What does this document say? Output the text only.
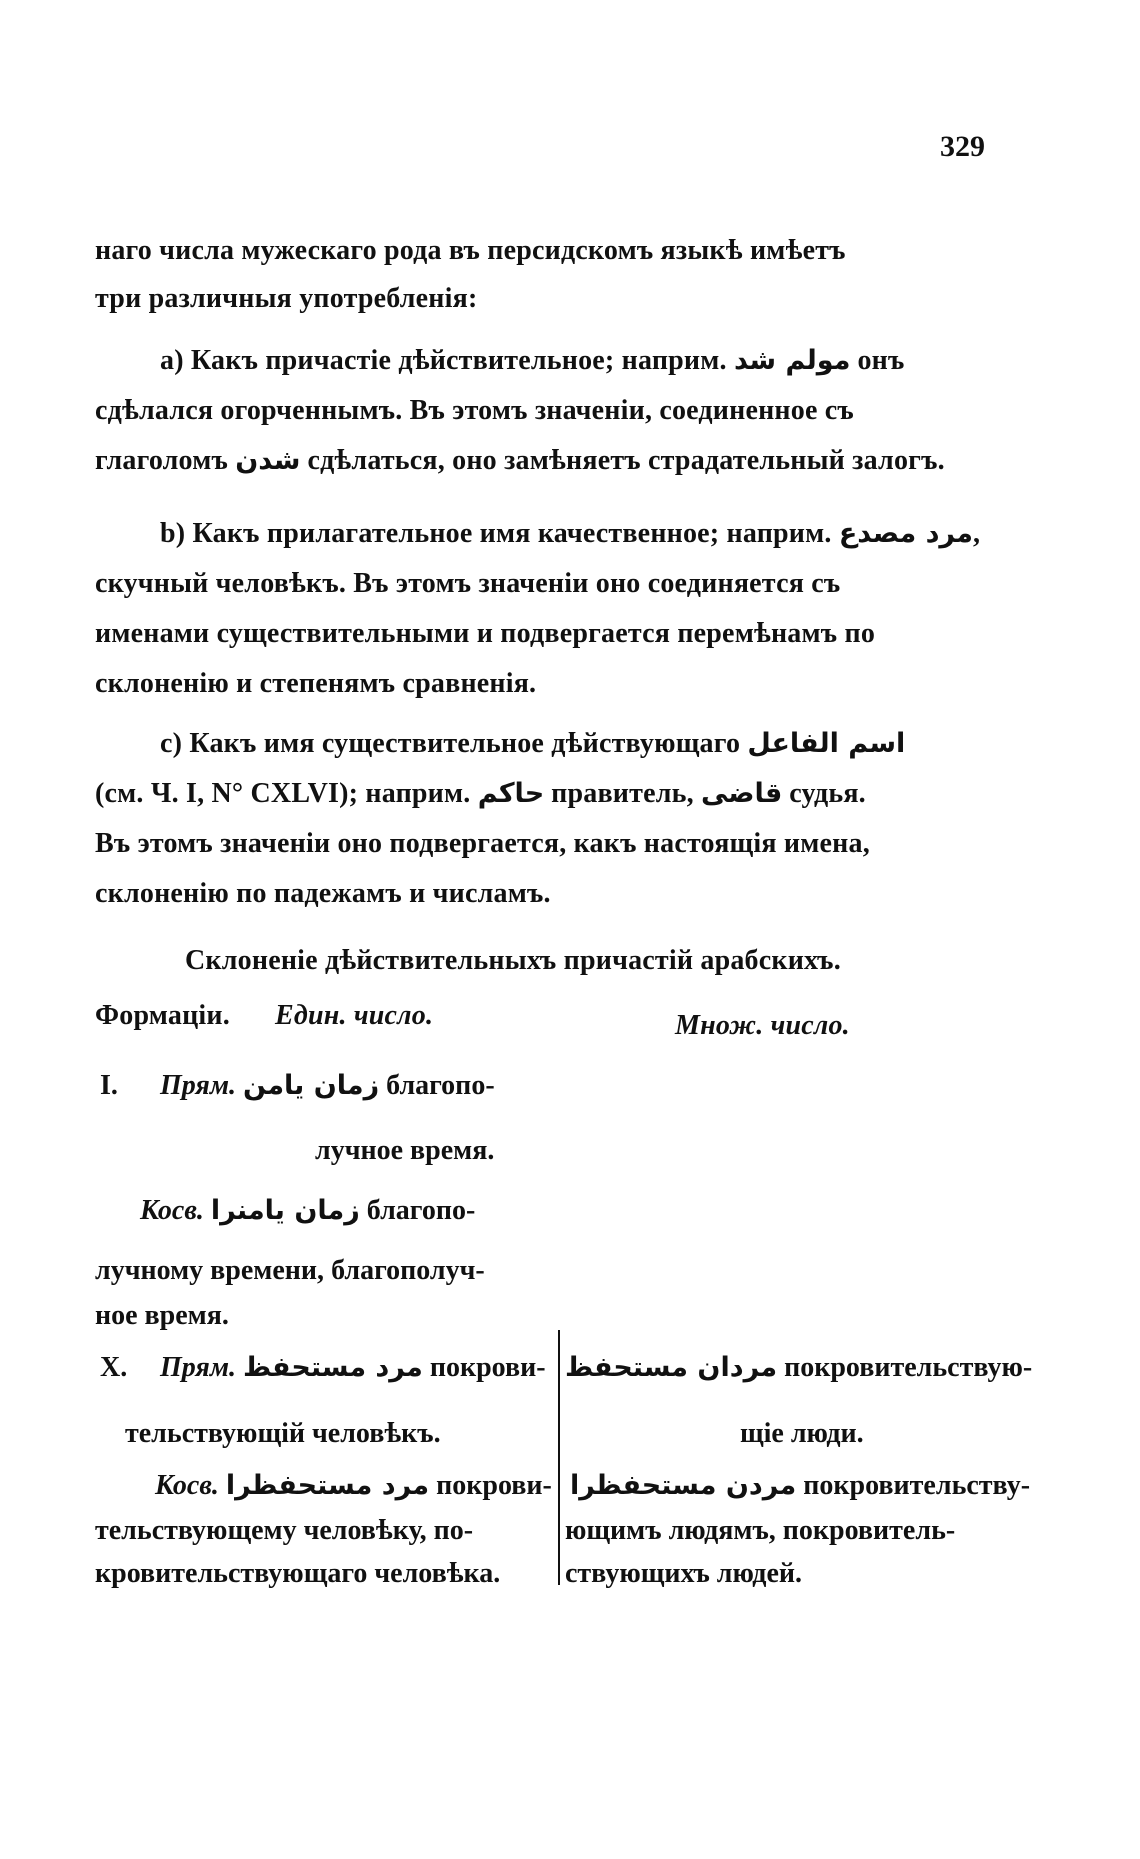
329
наго числа мужескаго рода въ персидскомъ языкѣ имѣетъ
три различныя употребленія:
a) Какъ причастіе дѣйствительное; наприм. مولم شد онъ
сдѣлался огорченнымъ. Въ этомъ значеніи, соединенное съ
глаголомъ شدن сдѣлаться, оно замѣняетъ страдательный залогъ.
b) Какъ прилагательное имя качественное; наприм. مرد مصدع,
скучный человѣкъ. Въ этомъ значеніи оно соединяется съ
именами существительными и подвергается перемѣнамъ по
склоненію и степенямъ сравненія.
c) Какъ имя существительное дѣйствующаго اسم الفاعل
(см. Ч. I, N° CXLVI); наприм. حاكم правитель, قاضى судья.
Въ этомъ значеніи оно подвергается, какъ настоящія имена,
склоненію по падежамъ и числамъ.
Склоненіе дѣйствительныхъ причастій арабскихъ.
Формаціи. Един. число.	Множ. число.
I. Прям. زمان يامن благопо-
лучное время.
Косв. زمان يامنرا благопо-
лучному времени, благополуч-
ное время.
X. Прям. مرد مستحفظ покрови-
тельствующій человѣкъ.
Косв. مرد مستحفظرا покрови-
тельствующему человѣку, по-
кровительствующаго человѣка.
مردان مستحفظ покровительствую-
щіе люди.
مردن مستحفظرا покровительству-
ющимъ людямъ, покровитель-
ствующихъ людей.
